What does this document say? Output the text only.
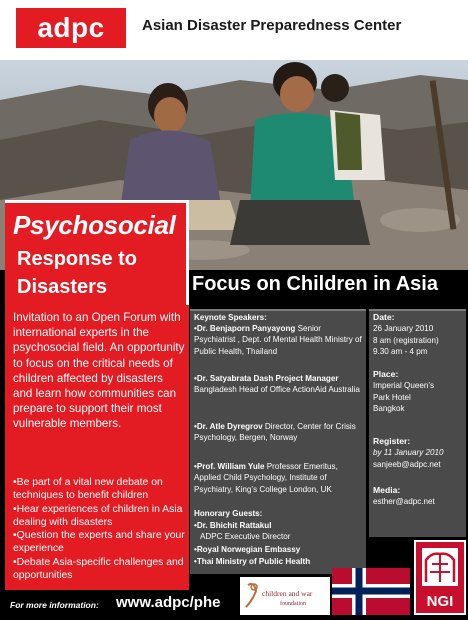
adpc	Asian Disaster Preparedness Center
Psychosocial
Response to
Disasters
Invitation to an Open Forum with international experts in the psychosocial field. An opportunity to focus on the critical needs of children affected by disasters and learn how communities can prepare to support their most vulnerable members.
•Be part of a vital new debate on techniques to benefit children
•Hear experiences of children in Asia dealing with disasters
•Question the experts and share your experience
•Debate Asia-specific challenges and opportunities
Focus on Children in Asia
Keynote Speakers:
•Dr. Benjaporn Panyayong Senior Psychiatrist , Dept. of Mental Health Ministry of Public Health, Thailand
•Dr. Satyabrata Dash Project Manager Bangladesh Head of Office ActionAid Australia
•Dr. Atle Dyregrov Director, Center for Crisis Psychology, Bergen, Norway
•Prof. William Yule Professor Emeritus, Applied Child Psychology, Institute of Psychiatry, King’s College London, UK
Honorary Guests:
•Dr. Bhichit Rattakul
ADPC Executive Director
•Royal Norwegian Embassy
•Thai Ministry of Public Health
Date:
26 January 2010
8 am (registration)
9.30 am - 4 pm
Place:
Imperial Queen’s
Park Hotel
Bangkok
Register:
by 11 January 2010
sanjeeb@adpc.net
Media:
esther@adpc.net
For more information: www.adpc/phe
children and war
foundation	NGI
